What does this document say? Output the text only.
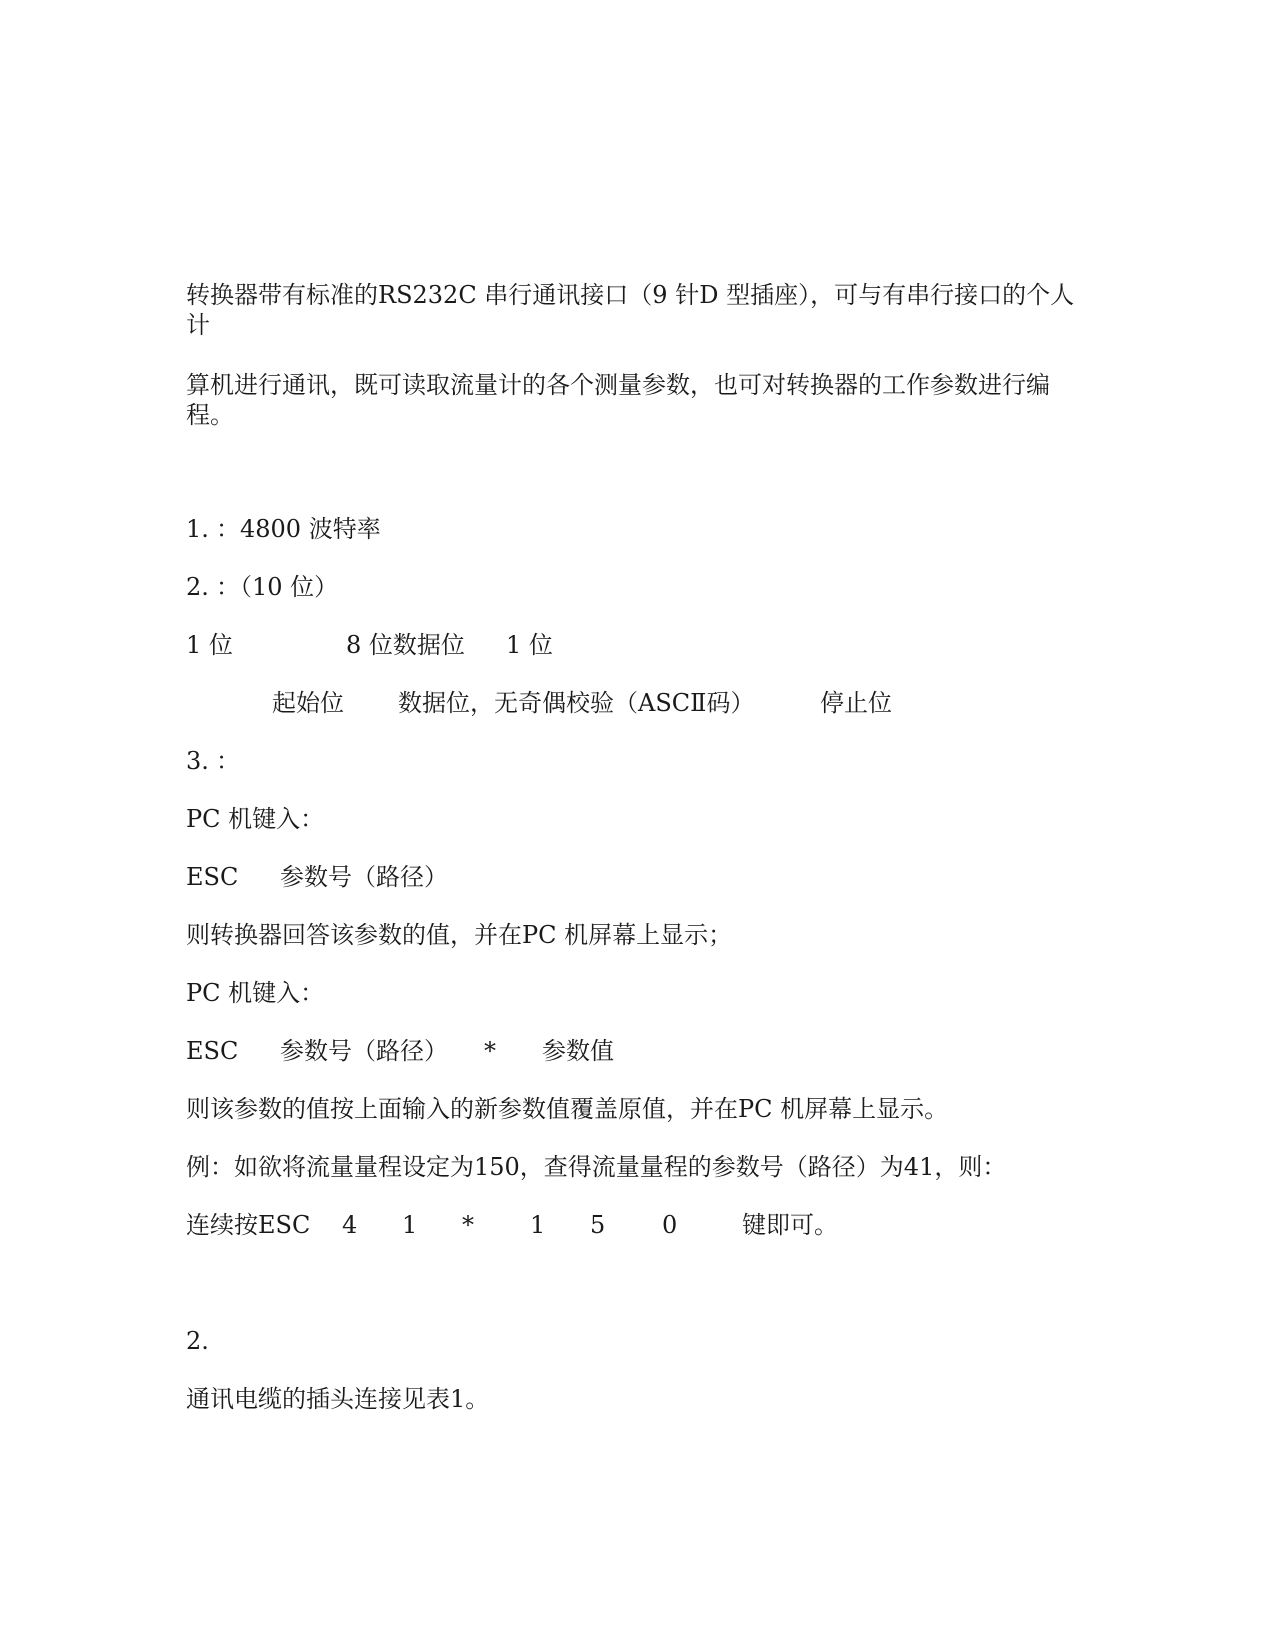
转换器带有标准的RS232C 串行通讯接口（9 针D 型插座），可与有串行接口的个人计
算机进行通讯，既可读取流量计的各个测量参数，也可对转换器的工作参数进行编程。
1. ：4800 波特率
2. ：（10 位）
1 位	8 位数据位 1 位
起始位 数据位，无奇偶校验（ASCⅡ码）	停止位
3. ：
PC 机键入：
ESC 参数号（路径）
则转换器回答该参数的值，并在PC 机屏幕上显示；
PC 机键入：
ESC 参数号（路径） * 参数值
则该参数的值按上面输入的新参数值覆盖原值，并在PC 机屏幕上显示。
例：如欲将流量量程设定为150，查得流量量程的参数号（路径）为41，则：
连续按ESC 4 1 * 1 5 0	键即可。
2.
通讯电缆的插头连接见表1。
